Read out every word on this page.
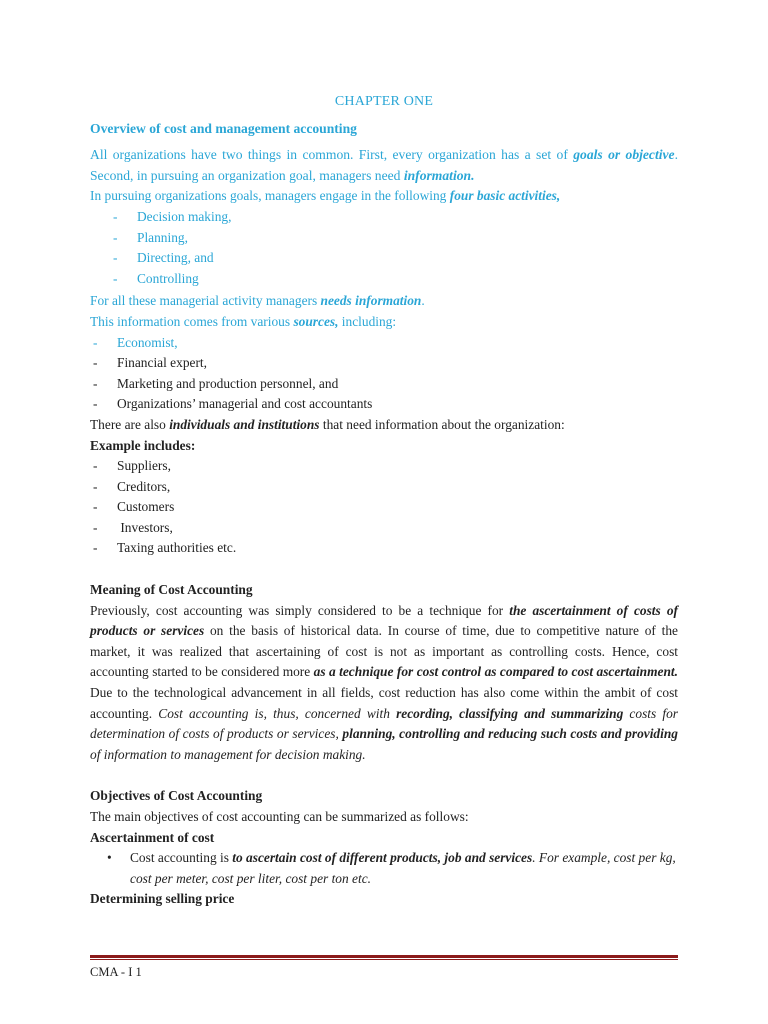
CHAPTER ONE

Overview of cost and management accounting

All organizations have two things in common. First, every organization has a set of goals or objective. Second, in pursuing an organization goal, managers need information.

In pursuing organizations goals, managers engage in the following four basic activities,

- Decision making,
- Planning,
- Directing, and
- Controlling

For all these managerial activity managers needs information.

This information comes from various sources, including:

- Economist,
- Financial expert,
- Marketing and production personnel, and
- Organizations’ managerial and cost accountants

There are also individuals and institutions that need information about the organization:

Example includes:

- Suppliers,
- Creditors,
- Customers
- Investors,
- Taxing authorities etc.

Meaning of Cost Accounting

Previously, cost accounting was simply considered to be a technique for the ascertainment of costs of products or services on the basis of historical data. In course of time, due to competitive nature of the market, it was realized that ascertaining of cost is not as important as controlling costs. Hence, cost accounting started to be considered more as a technique for cost control as compared to cost ascertainment. Due to the technological advancement in all fields, cost reduction has also come within the ambit of cost accounting. Cost accounting is, thus, concerned with recording, classifying and summarizing costs for determination of costs of products or services, planning, controlling and reducing such costs and providing of information to management for decision making.

Objectives of Cost Accounting

The main objectives of cost accounting can be summarized as follows:

Ascertainment of cost

• Cost accounting is to ascertain cost of different products, job and services. For example, cost per kg, cost per meter, cost per liter, cost per ton etc.

Determining selling price

CMA - I 1
